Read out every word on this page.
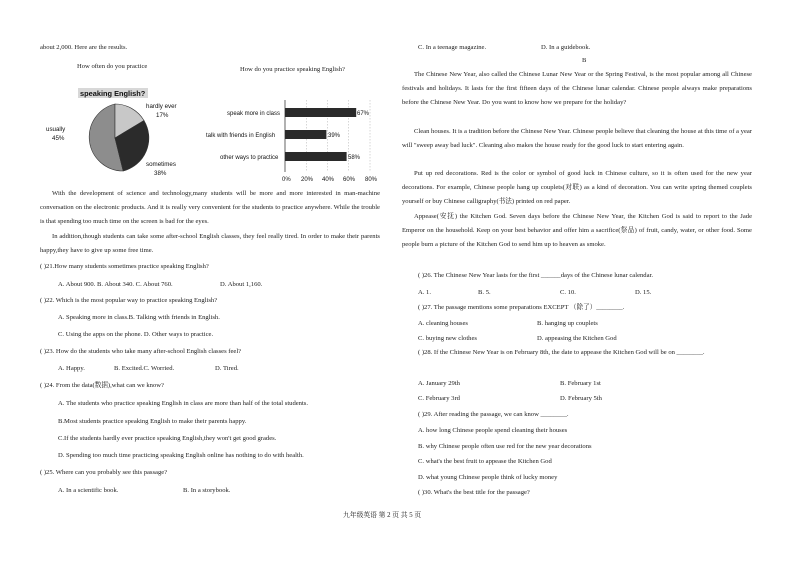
about 2,000. Here are the results.
How often do you practice	How do you practice speaking English?
speaking English?
hardly ever
17%
sometimes
38%
usually
45%
speak more in class
talk with friends in English
other ways to practice
67%
39%
58%
0% 20% 40% 60% 80%
With the development of science and technology,many students will be more and more interested in man-machine conversation on the electronic products. And it is really very convenient for the students to practice anywhere. While the trouble is that spending too much time on the screen is bad for the eyes.
In addition,though students can take some after-school English classes, they feel really tired. In order to make their parents happy,they have to give up some free time.
( )21.How many students sometimes practice speaking English?
A. About 900. B. About 340. C. About 760.	D. About 1,160.
( )22. Which is the most popular way to practice speaking English?
A. Speaking more in class.B. Talking with friends in English.
C. Using the apps on the phone. D. Other ways to practice.
( )23. How do the students who take many after-school English classes feel?
A. Happy.	B. Excited.C. Worried.	D. Tired.
( )24. From the data(数据),what can we know?
A. The students who practice speaking English in class are more than half of the total students.
B.Most students practice speaking English to make their parents happy.
C.If the students hardly ever practice speaking English,they won't get good grades.
D. Spending too much time practicing speaking English online has nothing to do with health.
( )25. Where can you probably see this passage?
A. In a scientific book.	B. In a storybook.
C. In a teenage magazine.	D. In a guidebook.
B
The Chinese New Year, also called the Chinese Lunar New Year or the Spring Festival, is the most popular among all Chinese festivals and holidays. It lasts for the first fifteen days of the Chinese lunar calendar. Chinese people always make preparations before the Chinese New Year. Do you want to know how we prepare for the holiday?
Clean houses. It is a tradition before the Chinese New Year. Chinese people believe that cleaning the house at this time of a year will "sweep away bad luck". Cleaning also makes the house ready for the good luck to start entering again.
Put up red decorations. Red is the color or symbol of good luck in Chinese culture, so it is often used for the new year decorations. For example, Chinese people hang up couplets(对联) as a kind of decoration. You can write spring themed couplets yourself or buy Chinese calligraphy(书法) printed on red paper.
Appease(安抚) the Kitchen God. Seven days before the Chinese New Year, the Kitchen God is said to report to the Jade Emperor on the household. Keep on your best behavior and offer him a sacrifice(祭品) of fruit, candy, water, or other food. Some people burn a picture of the Kitchen God to send him up to heaven as smoke.
( )26. The Chinese New Year lasts for the first ______days of the Chinese lunar calendar.
A. 1.	B. 5.	C. 10.	D. 15.
( )27. The passage mentions some preparations EXCEPT （除了）________.
A. cleaning houses	B. hanging up couplets
C. buying new clothes	D. appeasing the Kitchen God
( )28. If the Chinese New Year is on February 8th, the date to appease the Kitchen God will be on ________.
A. January 29th	B. February 1st
C. February 3rd	D. February 5th
( )29. After reading the passage, we can know ________.
A. how long Chinese people spend cleaning their houses
B. why Chinese people often use red for the new year decorations
C. what's the best fruit to appease the Kitchen God
D. what young Chinese people think of lucky money
( )30. What's the best title for the passage?
九年级英语 第 2 页 共 5 页
